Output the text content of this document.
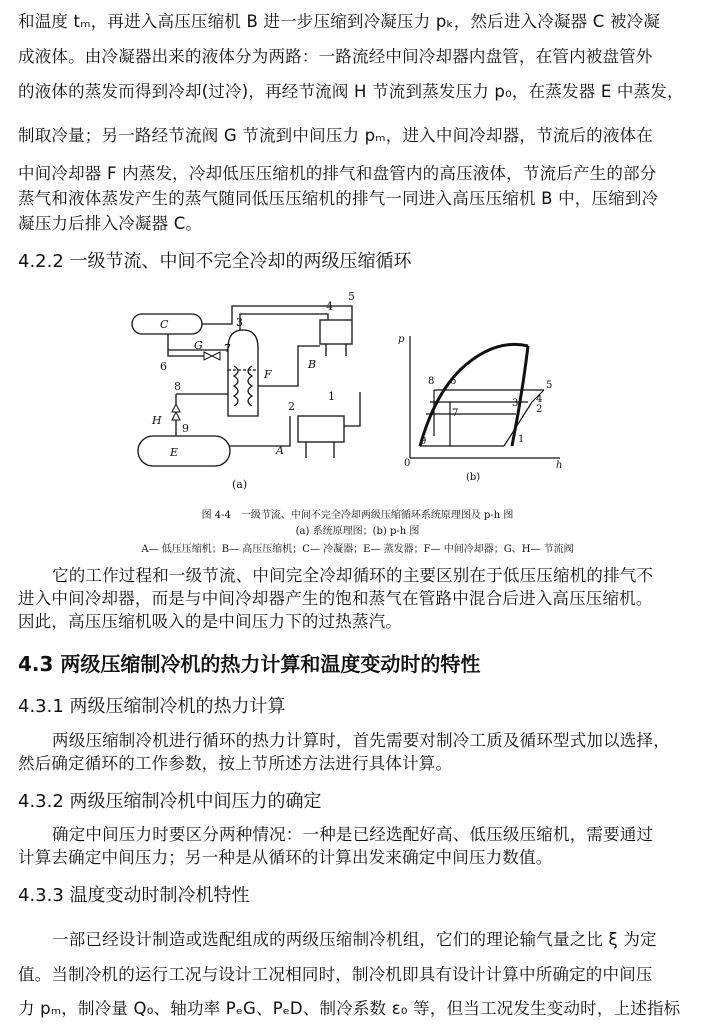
和温度 tₘ，再进入高压压缩机 B 进一步压缩到冷凝压力 pₖ，然后进入冷凝器 C 被冷凝
成液体。由冷凝器出来的液体分为两路：一路流经中间冷却器内盘管，在管内被盘管外
的液体的蒸发而得到冷却(过冷)，再经节流阀 H 节流到蒸发压力 p₀，在蒸发器 E 中蒸发，
制取冷量；另一路经节流阀 G 节流到中间压力 pₘ，进入中间冷却器，节流后的液体在
中间冷却器 F 内蒸发，冷却低压压缩机的排气和盘管内的高压液体，节流后产生的部分
蒸气和液体蒸发产生的蒸气随同低压压缩机的排气一同进入高压压缩机 B 中，压缩到冷
凝压力后排入冷凝器 C。
4.2.2 一级节流、中间不完全冷却的两级压缩循环
C
G
F
H
E	A
B
1
2
3
4
5
6
7
8
9
(a)
p
h
0
1
2
3 4
5
6
7
8
9
(b)
图 4-4　一级节流、中间不完全冷却两级压缩循环系统原理图及 p-h 图
(a) 系统原理图；(b) p-h 图
A— 低压压缩机；B— 高压压缩机；C— 冷凝器；E— 蒸发器；F— 中间冷却器；G、H— 节流阀
它的工作过程和一级节流、中间完全冷却循环的主要区别在于低压压缩机的排气不
进入中间冷却器，而是与中间冷却器产生的饱和蒸气在管路中混合后进入高压压缩机。
因此，高压压缩机吸入的是中间压力下的过热蒸汽。
4.3 两级压缩制冷机的热力计算和温度变动时的特性
4.3.1 两级压缩制冷机的热力计算
两级压缩制冷机进行循环的热力计算时，首先需要对制冷工质及循环型式加以选择，
然后确定循环的工作参数，按上节所述方法进行具体计算。
4.3.2 两级压缩制冷机中间压力的确定
确定中间压力时要区分两种情况：一种是已经选配好高、低压级压缩机，需要通过
计算去确定中间压力；另一种是从循环的计算出发来确定中间压力数值。
4.3.3 温度变动时制冷机特性
一部已经设计制造或选配组成的两级压缩制冷机组，它们的理论输气量之比 ξ 为定
值。当制冷机的运行工况与设计工况相同时，制冷机即具有设计计算中所确定的中间压
力 pₘ，制冷量 Q₀、轴功率 PₑG、PₑD、制冷系数 ε₀ 等，但当工况发生变动时，上述指标
